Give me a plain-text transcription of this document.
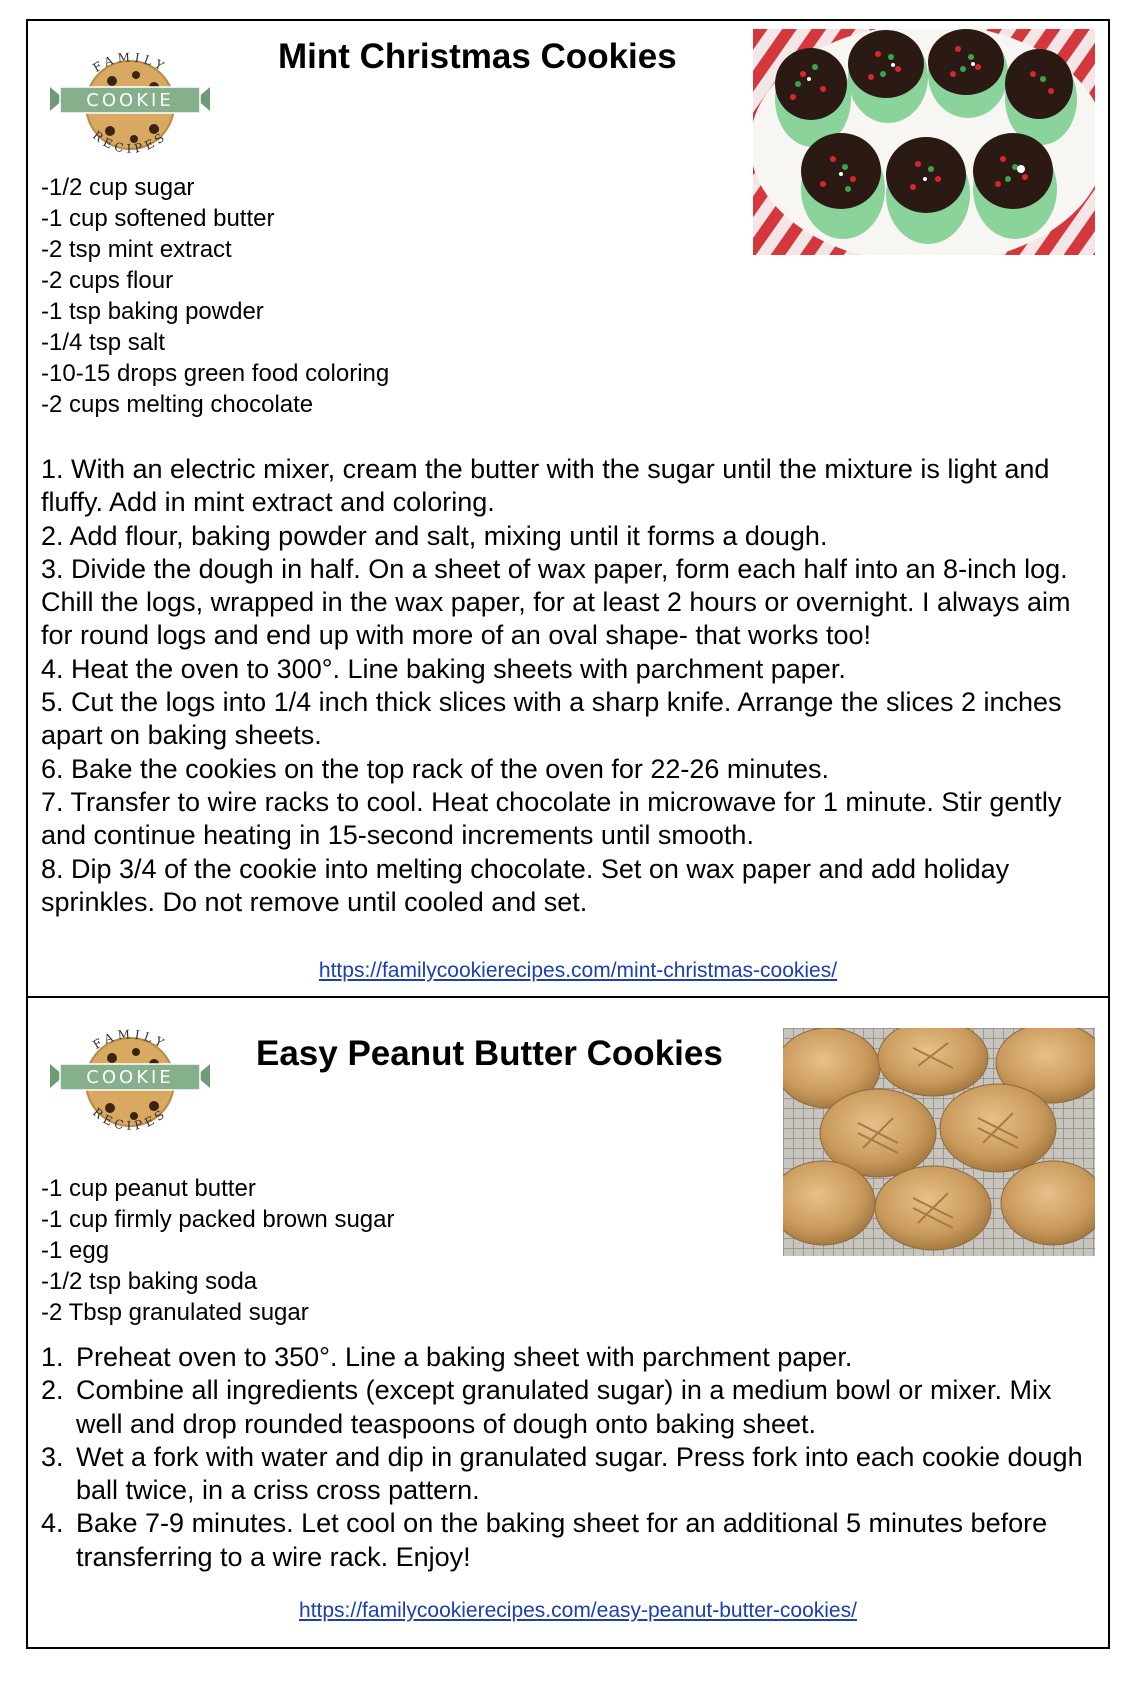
FAMILY
COOKIE
RECIPES
Mint Christmas Cookies
-1/2 cup sugar
-1 cup softened butter
-2 tsp mint extract
-2 cups flour
-1 tsp baking powder
-1/4 tsp salt
-10-15 drops green food coloring
-2 cups melting chocolate
1. With an electric mixer, cream the butter with the sugar until the mixture is light and fluffy. Add in mint extract and coloring.
2. Add flour, baking powder and salt, mixing until it forms a dough.
3. Divide the dough in half. On a sheet of wax paper, form each half into an 8-inch log. Chill the logs, wrapped in the wax paper, for at least 2 hours or overnight. I always aim for round logs and end up with more of an oval shape- that works too!
4. Heat the oven to 300°. Line baking sheets with parchment paper.
5. Cut the logs into 1/4 inch thick slices with a sharp knife. Arrange the slices 2 inches apart on baking sheets.
6. Bake the cookies on the top rack of the oven for 22-26 minutes.
7. Transfer to wire racks to cool. Heat chocolate in microwave for 1 minute. Stir gently and continue heating in 15-second increments until smooth.
8. Dip 3/4 of the cookie into melting chocolate. Set on wax paper and add holiday sprinkles. Do not remove until cooled and set.
https://familycookierecipes.com/mint-christmas-cookies/
FAMILY
COOKIE
RECIPES
Easy Peanut Butter Cookies
-1 cup peanut butter
-1 cup firmly packed brown sugar
-1 egg
-1/2 tsp baking soda
-2 Tbsp granulated sugar
1. Preheat oven to 350°. Line a baking sheet with parchment paper.
2. Combine all ingredients (except granulated sugar) in a medium bowl or mixer. Mix well and drop rounded teaspoons of dough onto baking sheet.
3. Wet a fork with water and dip in granulated sugar. Press fork into each cookie dough ball twice, in a criss cross pattern.
4. Bake 7-9 minutes. Let cool on the baking sheet for an additional 5 minutes before transferring to a wire rack. Enjoy!
https://familycookierecipes.com/easy-peanut-butter-cookies/
